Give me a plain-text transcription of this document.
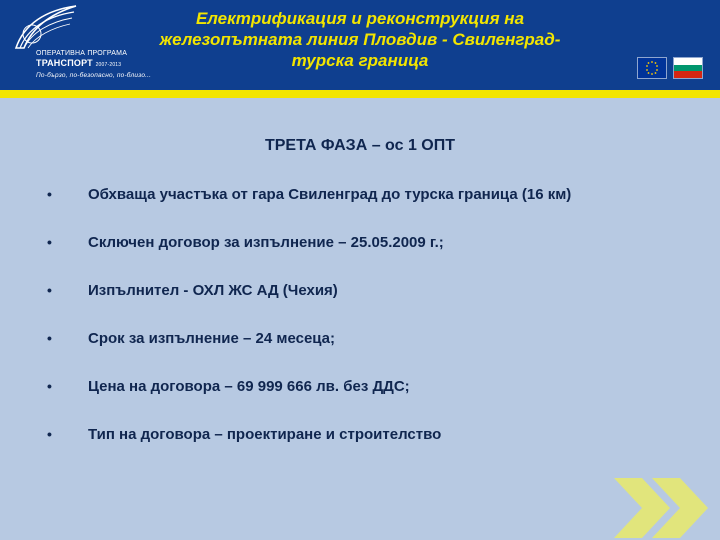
ОПЕРАТИВНА ПРОГРАМА
ТРАНСПОРТ 2007-2013
По-бързо, по-безопасно, по-близо...
Електрификация и реконструкция на железопътната линия Пловдив - Свиленград-турска граница
ТРЕТА ФАЗА – ос 1 ОПТ
• Обхваща участъка от гара Свиленград до турска граница (16 км)
• Сключен договор за изпълнение – 25.05.2009 г.;
• Изпълнител - ОХЛ ЖС АД (Чехия)
• Срок за изпълнение – 24 месеца;
• Цена на договора – 69 999 666 лв. без ДДС;
• Тип на договора – проектиране и строителство
